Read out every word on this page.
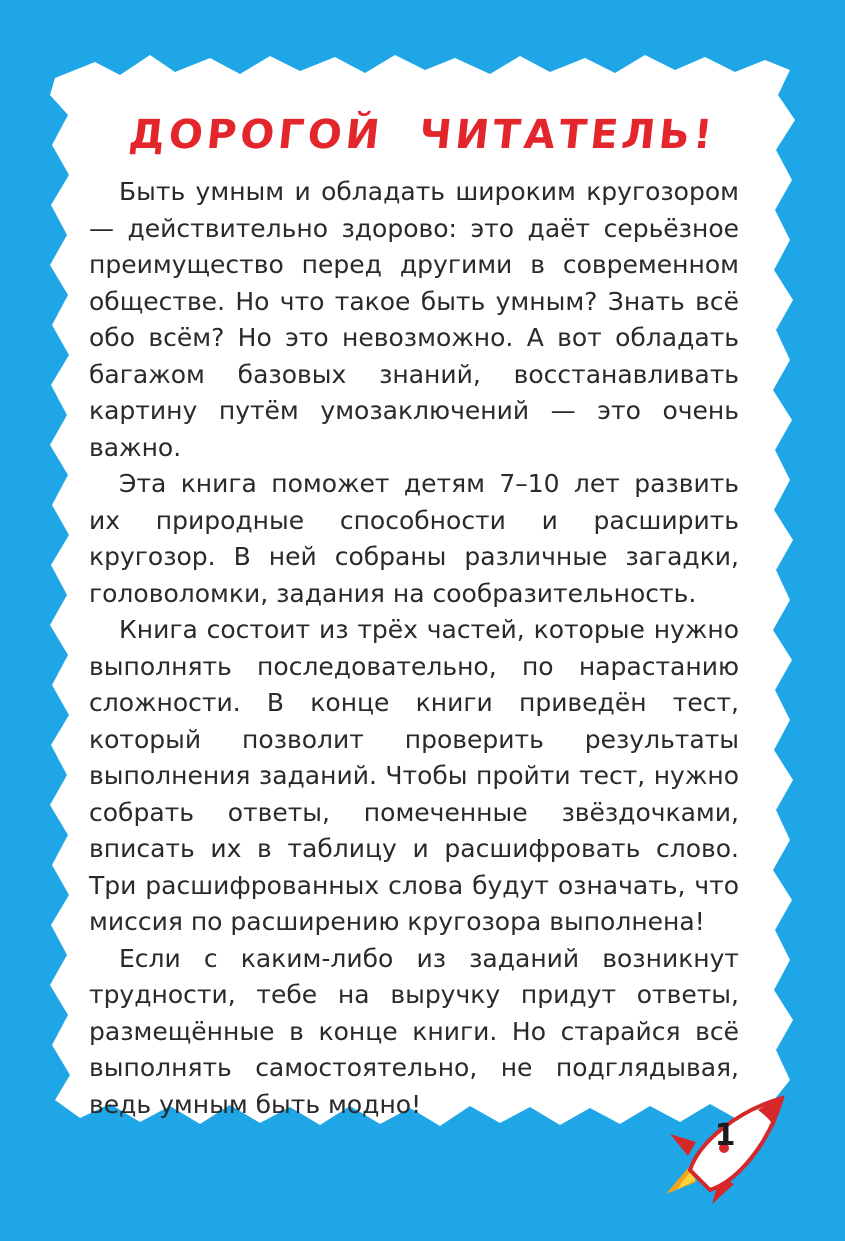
ДОРОГОЙ ЧИТАТЕЛЬ!

Быть умным и обладать широким кругозором — действительно здорово: это даёт серьёзное преимущество перед другими в современном обществе. Но что такое быть умным? Знать всё обо всём? Но это невозможно. А вот обладать багажом базовых знаний, восстанавливать картину путём умозаключений — это очень важно.

Эта книга поможет детям 7–10 лет развить их природные способности и расширить кругозор. В ней собраны различные загадки, головоломки, задания на сообразительность.

Книга состоит из трёх частей, которые нужно выполнять последовательно, по нарастанию сложности. В конце книги приведён тест, который позволит проверить результаты выполнения заданий. Чтобы пройти тест, нужно собрать ответы, помеченные звёздочками, вписать их в таблицу и расшифровать слово. Три расшифрованных слова будут означать, что миссия по расширению кругозора выполнена!

Если с каким-либо из заданий возникнут трудности, тебе на выручку придут ответы, размещённые в конце книги. Но старайся всё выполнять самостоятельно, не подглядывая, ведь умным быть модно!

1
